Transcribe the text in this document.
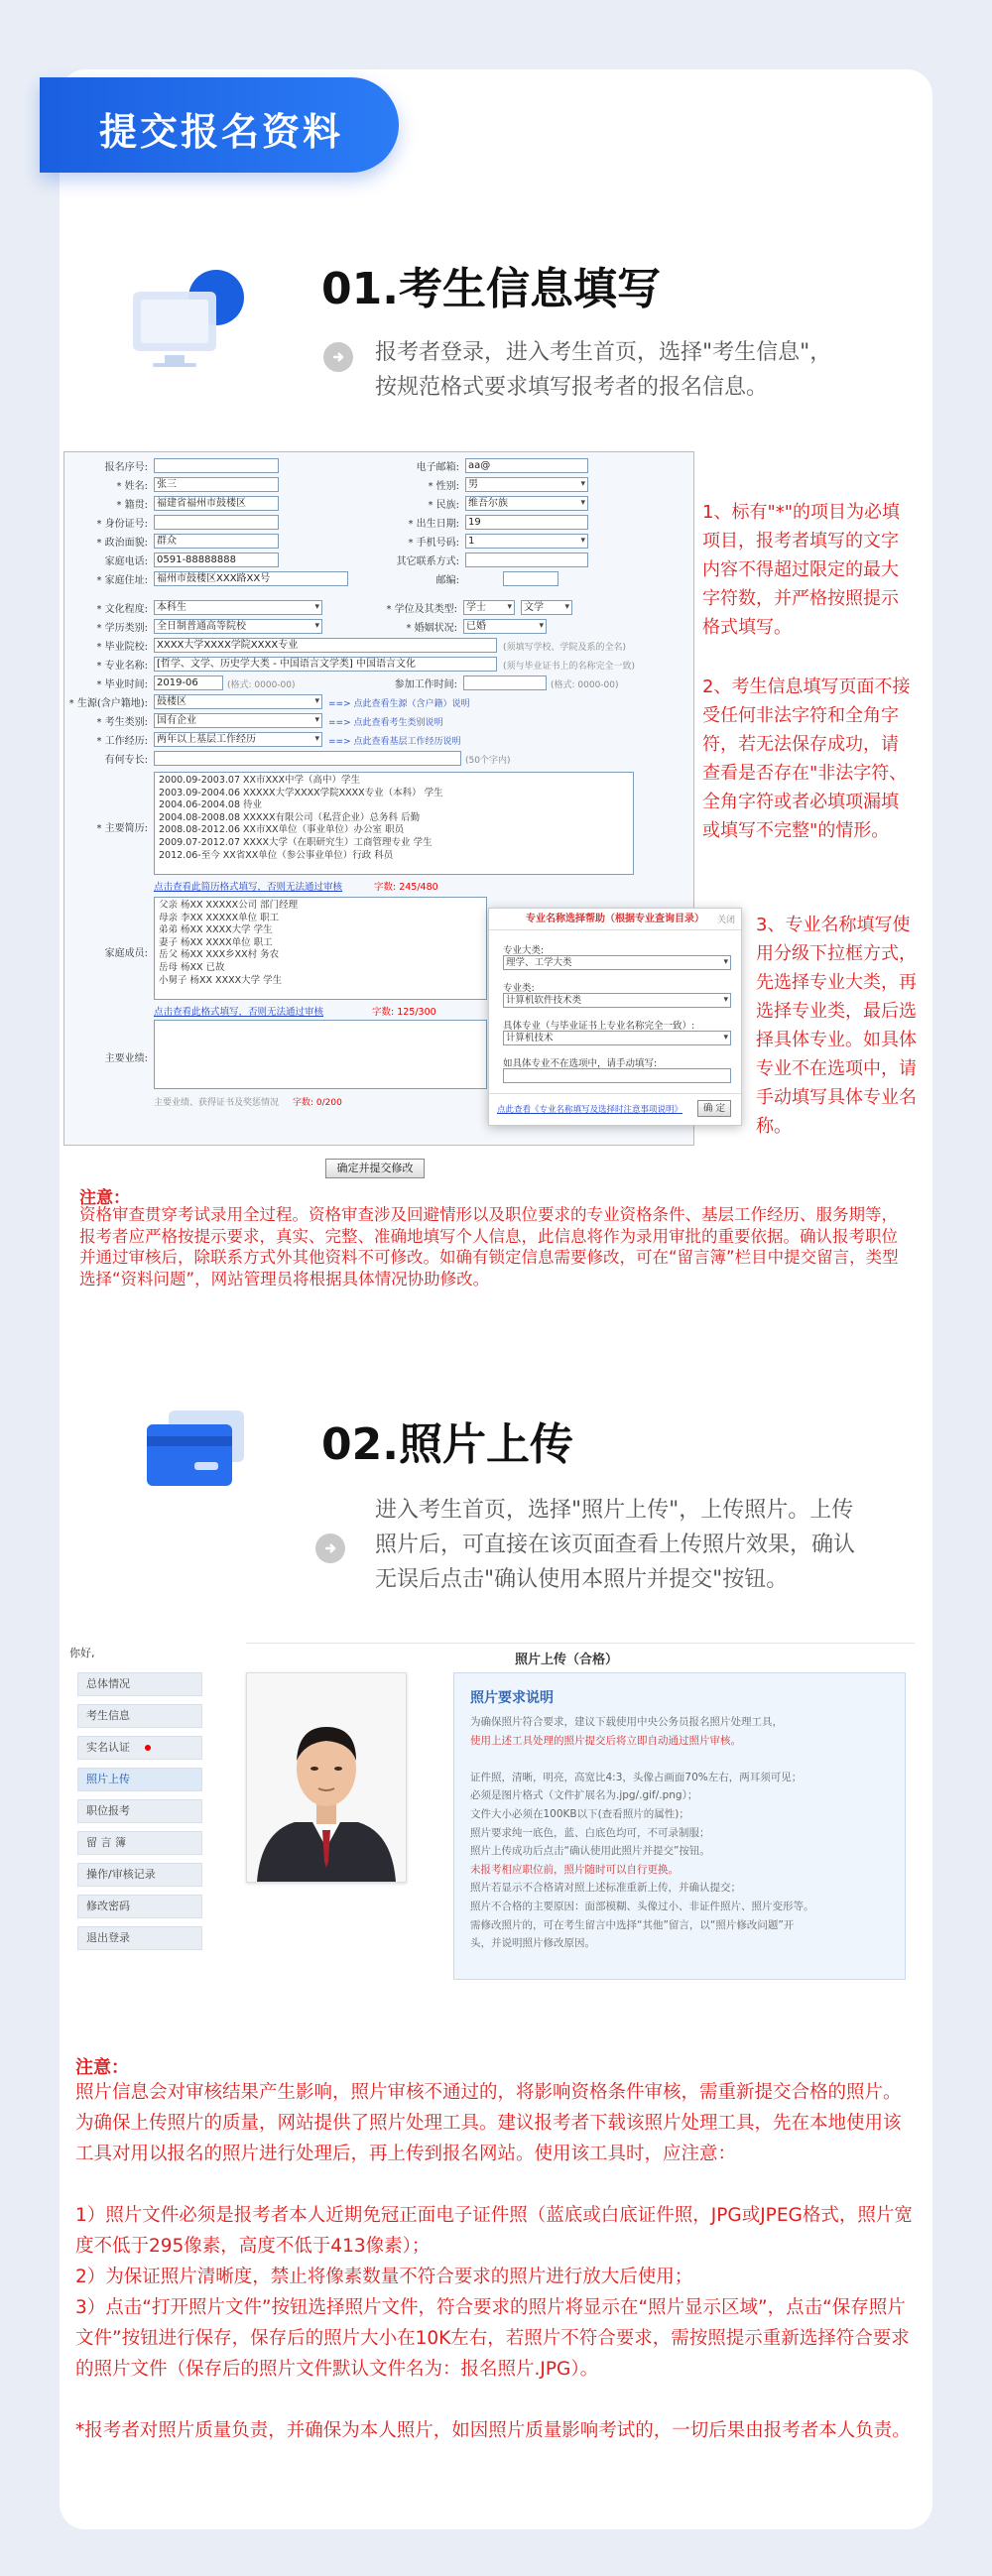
提交报名资料
01.考生信息填写
报考者登录，进入考生首页，选择"考生信息"，按规范格式要求填写报考者的报名信息。
报名序号:	电子邮箱: aa@
* 姓名: 张三	* 性别: 男 ▾
* 籍贯: 福建省福州市鼓楼区	* 民族: 维吾尔族 ▾
* 身份证号:	* 出生日期: 19
* 政治面貌: 群众	* 手机号码: 1 ▾
家庭电话: 0591-88888888	其它联系方式:
* 家庭住址: 福州市鼓楼区XXX路XX号	邮编:
* 文化程度: 本科生 ▾	* 学位及其类型: 学士 ▾	文学 ▾
* 学历类别: 全日制普通高等院校 ▾	* 婚姻状况: 已婚 ▾
* 毕业院校: XXXX大学XXXX学院XXXX专业	(须填写学校、学院及系的全名)
* 专业名称: [哲学、文学、历史学大类 - 中国语言文学类] 中国语言文化	(须与毕业证书上的名称完全一致)
* 毕业时间: 2019-06	参加工作时间:
(格式: 0000-00)	(格式: 0000-00)
* 生源(含户籍地): 鼓楼区 ▾	==> 点此查看生源（含户籍）说明
* 考生类别: 国有企业 ▾	==> 点此查看考生类别说明
* 工作经历: 两年以上基层工作经历 ▾	==> 点此查看基层工作经历说明
有何专长:	(50个字内)
* 主要简历:
2000.09-2003.07 XX市XXX中学（高中）学生
2003.09-2004.06 XXXXX大学XXXX学院XXXX专业（本科） 学生
2004.06-2004.08 待业
2004.08-2008.08 XXXXX有限公司（私营企业）总务科 后勤
2008.08-2012.06 XX市XX单位（事业单位）办公室 职员
2009.07-2012.07 XXXX大学（在职研究生）工商管理专业 学生
2012.06-至今 XX省XX单位（参公事业单位）行政 科员
点击查看此简历格式填写，否则无法通过审核	字数: 245/480
家庭成员:
父亲 杨XX XXXXX公司 部门经理
母亲 李XX XXXXX单位 职工
弟弟 杨XX XXXX大学 学生
妻子 杨XX XXXX单位 职工
岳父 杨XX XXX乡XX村 务农
岳母 杨XX 已故
小舅子 杨XX XXXX大学 学生
点击查看此格式填写，否则无法通过审核	字数: 125/300
主要业绩:
主要业绩、获得证书及奖惩情况 字数: 0/200
专业名称选择帮助（根据专业查询目录）	关闭
专业大类:
理学、工学大类 ▾
专业类:
计算机软件技术类 ▾
具体专业（与毕业证书上专业名称完全一致）:
计算机技术 ▾
如具体专业不在选项中，请手动填写:
点此查看《专业名称填写及选择时注意事项说明》	确 定
确定并提交修改
1、标有"*"的项目为必填项目，报考者填写的文字内容不得超过限定的最大字符数，并严格按照提示格式填写。
2、考生信息填写页面不接受任何非法字符和全角字符，若无法保存成功，请查看是否存在"非法字符、全角字符或者必填项漏填或填写不完整"的情形。
3、专业名称填写使用分级下拉框方式，先选择专业大类，再选择专业类，最后选择具体专业。如具体专业不在选项中，请手动填写具体专业名称。
注意：
资格审查贯穿考试录用全过程。资格审查涉及回避情形以及职位要求的专业资格条件、基层工作经历、服务期等，报考者应严格按提示要求，真实、完整、准确地填写个人信息，此信息将作为录用审批的重要依据。确认报考职位并通过审核后，除联系方式外其他资料不可修改。如确有锁定信息需要修改，可在“留言簿”栏目中提交留言，类型选择“资料问题”，网站管理员将根据具体情况协助修改。
02.照片上传
进入考生首页，选择"照片上传"，上传照片。上传照片后，可直接在该页面查看上传照片效果，确认无误后点击"确认使用本照片并提交"按钮。
你好,	照片上传（合格）
照片要求说明
为确保照片符合要求，建议下载使用中央公务员报名照片处理工具，
使用上述工具处理的照片提交后将立即自动通过照片审核。
证件照，清晰，明亮，高宽比4:3，头像占画面70%左右，两耳须可见；
必须是图片格式（文件扩展名为.jpg/.gif/.png）；
文件大小必须在100KB以下(查看照片的属性)；
照片要求纯一底色，蓝、白底色均可，不可录制服；
照片上传成功后点击“确认使用此照片并提交”按钮。
未报考相应职位前，照片随时可以自行更换。
照片若显示不合格请对照上述标准重新上传，并确认提交；
照片不合格的主要原因：面部模糊、头像过小、非证件照片、照片变形等。
需修改照片的，可在考生留言中选择“其他”留言，以“照片修改问题”开
头，并说明照片修改原因。
总体情况
考生信息
实名认证
照片上传
职位报考
留 言 簿
操作/审核记录
修改密码
退出登录
注意：
照片信息会对审核结果产生影响，照片审核不通过的，将影响资格条件审核，需重新提交合格的照片。为确保上传照片的质量，网站提供了照片处理工具。建议报考者下载该照片处理工具，先在本地使用该工具对用以报名的照片进行处理后，再上传到报名网站。使用该工具时，应注意：
1）照片文件必须是报考者本人近期免冠正面电子证件照（蓝底或白底证件照，JPG或JPEG格式，照片宽度不低于295像素，高度不低于413像素）；
2）为保证照片清晰度，禁止将像素数量不符合要求的照片进行放大后使用；
3）点击“打开照片文件”按钮选择照片文件，符合要求的照片将显示在“照片显示区域”，点击“保存照片文件”按钮进行保存，保存后的照片大小在10K左右，若照片不符合要求，需按照提示重新选择符合要求的照片文件（保存后的照片文件默认文件名为：报名照片.JPG）。
*报考者对照片质量负责，并确保为本人照片，如因照片质量影响考试的，一切后果由报考者本人负责。
